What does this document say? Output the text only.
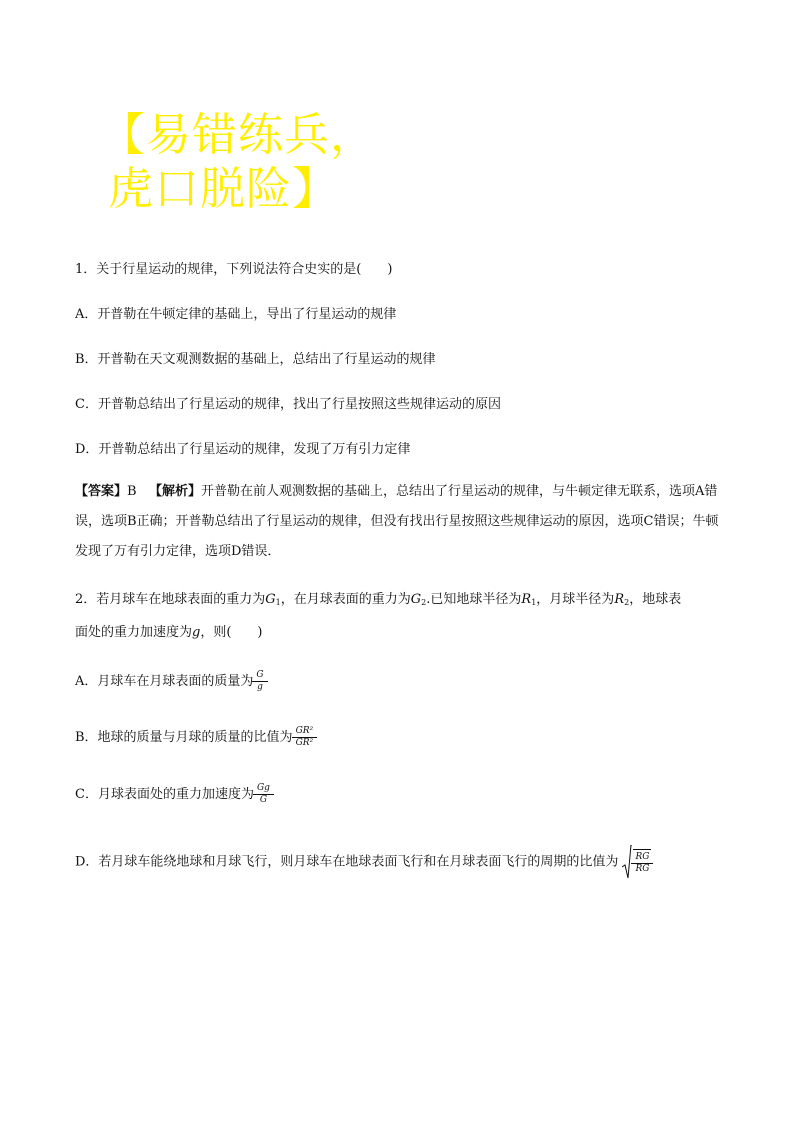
【易错练兵，
虎口脱险】
1．关于行星运动的规律，下列说法符合史实的是(　　)
A．开普勒在牛顿定律的基础上，导出了行星运动的规律
B．开普勒在天文观测数据的基础上，总结出了行星运动的规律
C．开普勒总结出了行星运动的规律，找出了行星按照这些规律运动的原因
D．开普勒总结出了行星运动的规律，发现了万有引力定律
【答案】B 【解析】开普勒在前人观测数据的基础上，总结出了行星运动的规律，与牛顿定律无联系，选项A错误，选项B正确；开普勒总结出了行星运动的规律，但没有找出行星按照这些规律运动的原因，选项C错误；牛顿发现了万有引力定律，选项D错误．
2．若月球车在地球表面的重力为$G_1$，在月球表面的重力为$G_2$.已知地球半径为$R_1$，月球半径为$R_2$，地球表
面处的重力加速度为g，则(　　)
A．月球车在月球表面的质量为 $\frac{G}{g}$
B．地球的质量与月球的质量的比值为 $\frac{\text{GR²}}{\text{GR²}}$
C．月球表面处的重力加速度为 $\frac{Gg}{G}$
D．若月球车能绕地球和月球飞行，则月球车在地球表面飞行和在月球表面飞行的周期的比值为 $\frac{RG}{RG}$
